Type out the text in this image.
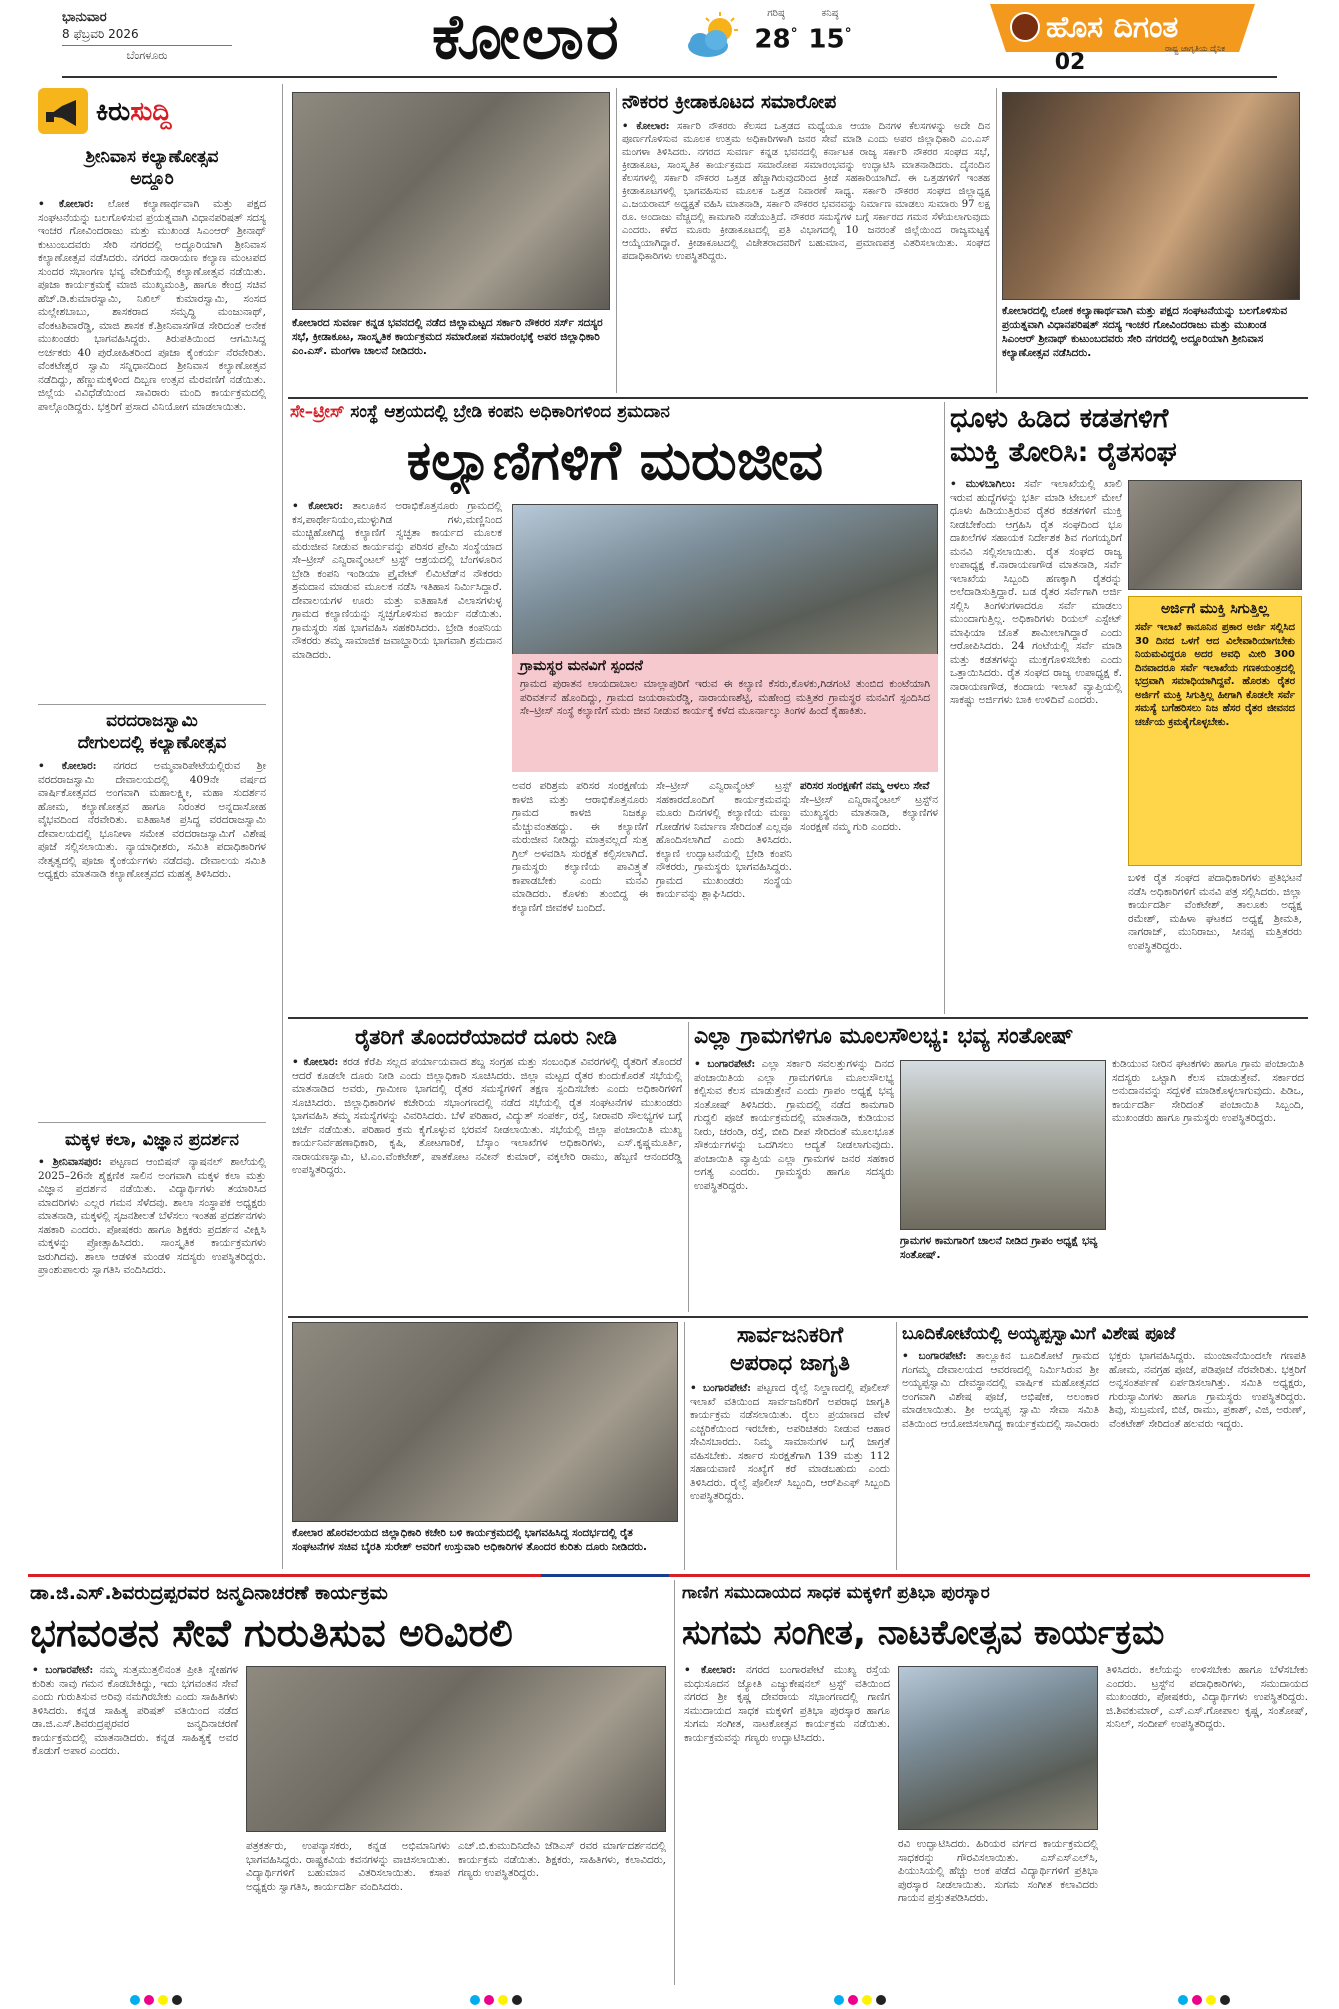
ಭಾನುವಾರ
8 ಫೆಬ್ರವರಿ 2026
ಬೆಂಗಳೂರು	ಕೋಲಾರ	ಗರಿಷ್ಠ
28°
ಕನಿಷ್ಠ
15°	ಹೊಸ ದಿಗಂತ
ರಾಷ್ಟ್ರ ಜಾಗೃತಿಯ ದೈನಿಕ
02
ಕಿರುಸುದ್ದಿ
ಶ್ರೀನಿವಾಸ ಕಲ್ಯಾಣೋತ್ಸವ
ಅದ್ದೂರಿ
• ಕೋಲಾರ: ಲೋಕ ಕಲ್ಯಾಣಾರ್ಥವಾಗಿ ಮತ್ತು ಪಕ್ಷದ ಸಂಘಟನೆಯನ್ನು ಬಲಗೊಳಿಸುವ ಪ್ರಯತ್ನವಾಗಿ ವಿಧಾನಪರಿಷತ್ ಸದಸ್ಯ ಇಂಚರ ಗೋವಿಂದರಾಜು ಮತ್ತು ಮುಖಂಡ ಸಿಎಂಆರ್ ಶ್ರೀನಾಥ್ ಕುಟುಂಬದವರು ಸೇರಿ ನಗರದಲ್ಲಿ ಅದ್ದೂರಿಯಾಗಿ ಶ್ರೀನಿವಾಸ ಕಲ್ಯಾಣೋತ್ಸವ ನಡೆಸಿದರು. ನಗರದ ನಾರಾಯಣ ಕಲ್ಯಾಣ ಮಂಟಪದ ಸುಂದರ ಸಭಾಂಗಣ ಭವ್ಯ ವೇದಿಕೆಯಲ್ಲಿ ಕಲ್ಯಾಣೋತ್ಸವ ನಡೆಯಿತು. ಪೂಜಾ ಕಾರ್ಯಕ್ರಮಕ್ಕೆ ಮಾಜಿ ಮುಖ್ಯಮಂತ್ರಿ, ಹಾಗೂ ಕೇಂದ್ರ ಸಚಿವ ಹೆಚ್.ಡಿ.ಕುಮಾರಸ್ವಾಮಿ, ನಿಖಿಲ್ ಕುಮಾರಸ್ವಾಮಿ, ಸಂಸದ ಮಲ್ಲೇಶಬಾಬು, ಶಾಸಕರಾದ ಸಮೃದ್ಧಿ ಮಂಜುನಾಥ್, ವೆಂಕಟಶಿವಾರೆಡ್ಡಿ, ಮಾಜಿ ಶಾಸಕ ಕೆ.ಶ್ರೀನಿವಾಸಗೌಡ ಸೇರಿದಂತೆ ಅನೇಕ ಮುಖಂಡರು ಭಾಗವಹಿಸಿದ್ದರು. ತಿರುಪತಿಯಿಂದ ಆಗಮಿಸಿದ್ದ ಅರ್ಚಕರು 40 ಪುರೋಹಿತರಿಂದ ಪೂಜಾ ಕೈಂಕರ್ಯ ನೆರವೇರಿತು. ವೆಂಕಟೇಶ್ವರ ಸ್ವಾಮಿ ಸನ್ನಿಧಾನದಿಂದ ಶ್ರೀನಿವಾಸ ಕಲ್ಯಾಣೋತ್ಸವ ನಡೆದಿದ್ದು, ಹೆಣ್ಣುಮಕ್ಕಳಿಂದ ದಿಬ್ಬಣ ಉತ್ಸವ ಮೆರವಣಿಗೆ ನಡೆಯಿತು. ಜಿಲ್ಲೆಯ ವಿವಿಧೆಡೆಯಿಂದ ಸಾವಿರಾರು ಮಂದಿ ಕಾರ್ಯಕ್ರಮದಲ್ಲಿ ಪಾಲ್ಗೊಂಡಿದ್ದರು. ಭಕ್ತರಿಗೆ ಪ್ರಸಾದ ವಿನಿಯೋಗ ಮಾಡಲಾಯಿತು.
ವರದರಾಜಸ್ವಾಮಿ
ದೇಗುಲದಲ್ಲಿ ಕಲ್ಯಾಣೋತ್ಸವ
• ಕೋಲಾರ: ನಗರದ ಅಮ್ಮವಾರಿಪೇಟೆಯಲ್ಲಿರುವ ಶ್ರೀ ವರದರಾಜಸ್ವಾಮಿ ದೇವಾಲಯದಲ್ಲಿ 409ನೇ ವರ್ಷದ ವಾರ್ಷಿಕೋತ್ಸವದ ಅಂಗವಾಗಿ ಮಹಾಲಕ್ಷ್ಮೀ, ಮಹಾ ಸುದರ್ಶನ ಹೋಮ, ಕಲ್ಯಾಣೋತ್ಸವ ಹಾಗೂ ನಿರಂತರ ಅನ್ನದಾಸೋಹ ವೈಭವದಿಂದ ನೆರವೇರಿತು. ಐತಿಹಾಸಿಕ ಪ್ರಸಿದ್ಧ ವರದರಾಜಸ್ವಾಮಿ ದೇವಾಲಯದಲ್ಲಿ ಭೂನೀಳಾ ಸಮೇತ ವರದರಾಜಸ್ವಾಮಿಗೆ ವಿಶೇಷ ಪೂಜೆ ಸಲ್ಲಿಸಲಾಯಿತು. ನ್ಯಾಯಾಧೀಶರು, ಸಮಿತಿ ಪದಾಧಿಕಾರಿಗಳ ನೇತೃತ್ವದಲ್ಲಿ ಪೂಜಾ ಕೈಂಕರ್ಯಗಳು ನಡೆದವು. ದೇವಾಲಯ ಸಮಿತಿ ಅಧ್ಯಕ್ಷರು ಮಾತನಾಡಿ ಕಲ್ಯಾಣೋತ್ಸವದ ಮಹತ್ವ ತಿಳಿಸಿದರು.
ಮಕ್ಕಳ ಕಲಾ, ವಿಜ್ಞಾನ ಪ್ರದರ್ಶನ
• ಶ್ರೀನಿವಾಸಪುರ: ಪಟ್ಟಣದ ಆಂಬಿಷನ್ ನ್ಯಾಷನಲ್ ಶಾಲೆಯಲ್ಲಿ 2025–26ನೇ ಶೈಕ್ಷಣಿಕ ಸಾಲಿನ ಅಂಗವಾಗಿ ಮಕ್ಕಳ ಕಲಾ ಮತ್ತು ವಿಜ್ಞಾನ ಪ್ರದರ್ಶನ ನಡೆಯಿತು. ವಿದ್ಯಾರ್ಥಿಗಳು ತಯಾರಿಸಿದ ಮಾದರಿಗಳು ಎಲ್ಲರ ಗಮನ ಸೆಳೆದವು. ಶಾಲಾ ಸಂಸ್ಥಾಪಕ ಅಧ್ಯಕ್ಷರು ಮಾತನಾಡಿ, ಮಕ್ಕಳಲ್ಲಿ ಸೃಜನಶೀಲತೆ ಬೆಳೆಸಲು ಇಂತಹ ಪ್ರದರ್ಶನಗಳು ಸಹಕಾರಿ ಎಂದರು. ಪೋಷಕರು ಹಾಗೂ ಶಿಕ್ಷಕರು ಪ್ರದರ್ಶನ ವೀಕ್ಷಿಸಿ ಮಕ್ಕಳನ್ನು ಪ್ರೋತ್ಸಾಹಿಸಿದರು. ಸಾಂಸ್ಕೃತಿಕ ಕಾರ್ಯಕ್ರಮಗಳು ಜರುಗಿದವು. ಶಾಲಾ ಆಡಳಿತ ಮಂಡಳಿ ಸದಸ್ಯರು ಉಪಸ್ಥಿತರಿದ್ದರು. ಪ್ರಾಂಶುಪಾಲರು ಸ್ವಾಗತಿಸಿ ವಂದಿಸಿದರು.
ಕೋಲಾರದ ಸುವರ್ಣ ಕನ್ನಡ ಭವನದಲ್ಲಿ ನಡೆದ ಜಿಲ್ಲಾಮಟ್ಟದ ಸರ್ಕಾರಿ ನೌಕರರ ಸರ್ಸ್ ಸದಸ್ಯರ ಸಭೆ, ಕ್ರೀಡಾಕೂಟ, ಸಾಂಸ್ಕೃತಿಕ ಕಾರ್ಯಕ್ರಮದ ಸಮಾರೋಪ ಸಮಾರಂಭಕ್ಕೆ ಅಪರ ಜಿಲ್ಲಾಧಿಕಾರಿ ಎಂ.ಎಸ್. ಮಂಗಳಾ ಚಾಲನೆ ನೀಡಿದರು.
ನೌಕರರ ಕ್ರೀಡಾಕೂಟದ ಸಮಾರೋಪ
• ಕೋಲಾರ: ಸರ್ಕಾರಿ ನೌಕರರು ಕೆಲಸದ ಒತ್ತಡದ ಮಧ್ಯೆಯೂ ಆಯಾ ದಿನಗಳ ಕೆಲಸಗಳನ್ನು ಅದೇ ದಿನ ಪೂರ್ಣಗೊಳಿಸುವ ಮೂಲಕ ಉತ್ತಮ ಅಧಿಕಾರಿಗಳಾಗಿ ಜನರ ಸೇವೆ ಮಾಡಿ ಎಂದು ಅಪರ ಜಿಲ್ಲಾಧಿಕಾರಿ ಎಂ.ಎಸ್ ಮಂಗಳಾ ತಿಳಿಸಿದರು. ನಗರದ ಸುವರ್ಣ ಕನ್ನಡ ಭವನದಲ್ಲಿ ಕರ್ನಾಟಕ ರಾಜ್ಯ ಸರ್ಕಾರಿ ನೌಕರರ ಸಂಘದ ಸಭೆ, ಕ್ರೀಡಾಕೂಟ, ಸಾಂಸ್ಕೃತಿಕ ಕಾರ್ಯಕ್ರಮದ ಸಮಾರೋಪ ಸಮಾರಂಭವನ್ನು ಉದ್ಘಾಟಿಸಿ ಮಾತನಾಡಿದರು. ದೈನಂದಿನ ಕೆಲಸಗಳಲ್ಲಿ ಸರ್ಕಾರಿ ನೌಕರರ ಒತ್ತಡ ಹೆಚ್ಚಾಗಿರುವುದರಿಂದ ಕ್ರೀಡೆ ಸಹಕಾರಿಯಾಗಿದೆ. ಈ ಒತ್ತಡಗಳಿಗೆ ಇಂತಹ ಕ್ರೀಡಾಕೂಟಗಳಲ್ಲಿ ಭಾಗವಹಿಸುವ ಮೂಲಕ ಒತ್ತಡ ನಿವಾರಣೆ ಸಾಧ್ಯ. ಸರ್ಕಾರಿ ನೌಕರರ ಸಂಘದ ಜಿಲ್ಲಾಧ್ಯಕ್ಷ ಎ.ಜಯರಾಮ್ ಅಧ್ಯಕ್ಷತೆ ವಹಿಸಿ ಮಾತನಾಡಿ, ಸರ್ಕಾರಿ ನೌಕರರ ಭವನವನ್ನು ನಿರ್ಮಾಣ ಮಾಡಲು ಸುಮಾರು 97 ಲಕ್ಷ ರೂ. ಅಂದಾಜು ವೆಚ್ಚದಲ್ಲಿ ಕಾಮಗಾರಿ ನಡೆಯುತ್ತಿದೆ. ನೌಕರರ ಸಮಸ್ಯೆಗಳ ಬಗ್ಗೆ ಸರ್ಕಾರದ ಗಮನ ಸೆಳೆಯಲಾಗುವುದು ಎಂದರು. ಕಳೆದ ಮೂರು ಕ್ರೀಡಾಕೂಟದಲ್ಲಿ ಪ್ರತಿ ವಿಭಾಗದಲ್ಲಿ 10 ಜನರಂತೆ ಜಿಲ್ಲೆಯಿಂದ ರಾಜ್ಯಮಟ್ಟಕ್ಕೆ ಆಯ್ಕೆಯಾಗಿದ್ದಾರೆ. ಕ್ರೀಡಾಕೂಟದಲ್ಲಿ ವಿಜೇತರಾದವರಿಗೆ ಬಹುಮಾನ, ಪ್ರಮಾಣಪತ್ರ ವಿತರಿಸಲಾಯಿತು. ಸಂಘದ ಪದಾಧಿಕಾರಿಗಳು ಉಪಸ್ಥಿತರಿದ್ದರು.
ಕೋಲಾರದಲ್ಲಿ ಲೋಕ ಕಲ್ಯಾಣಾರ್ಥವಾಗಿ ಮತ್ತು ಪಕ್ಷದ ಸಂಘಟನೆಯನ್ನು ಬಲಗೊಳಿಸುವ ಪ್ರಯತ್ನವಾಗಿ ವಿಧಾನಪರಿಷತ್ ಸದಸ್ಯ ಇಂಚರ ಗೋವಿಂದರಾಜು ಮತ್ತು ಮುಖಂಡ ಸಿಎಂಆರ್ ಶ್ರೀನಾಥ್ ಕುಟುಂಬದವರು ಸೇರಿ ನಗರದಲ್ಲಿ ಅದ್ದೂರಿಯಾಗಿ ಶ್ರೀನಿವಾಸ ಕಲ್ಯಾಣೋತ್ಸವ ನಡೆಸಿದರು.
ಸೇ–ಟ್ರೀಸ್ ಸಂಸ್ಥೆ ಆಶ್ರಯದಲ್ಲಿ ಬ್ರೇಡಿ ಕಂಪನಿ ಅಧಿಕಾರಿಗಳಿಂದ ಶ್ರಮದಾನ
ಕಲ್ಯಾಣಿಗಳಿಗೆ ಮರುಜೀವ
• ಕೋಲಾರ: ತಾಲೂಕಿನ ಅರಾಭಿಕೊತ್ತನೂರು ಗ್ರಾಮದಲ್ಲಿ ಕಸ,ಪಾರ್ಥೇನಿಯಂ,ಮುಳ್ಳುಗಿಡ ಗಳು,ಮಣ್ಣಿನಿಂದ ಮುಚ್ಚಿಹೋಗಿದ್ದ ಕಲ್ಯಾಣಿಗೆ ಸ್ವಚ್ಛತಾ ಕಾರ್ಯದ ಮೂಲಕ ಮರುಜೀವ ನೀಡುವ ಕಾರ್ಯವನ್ನು ಪರಿಸರ ಪ್ರೇಮಿ ಸಂಸ್ಥೆಯಾದ ಸೇ–ಟ್ರೀಸ್ ಎನ್ವಿರಾನ್ಮೆಂಟಲ್ ಟ್ರಸ್ಟ್ ಆಶ್ರಯದಲ್ಲಿ ಬೆಂಗಳೂರಿನ ಬ್ರೇಡಿ ಕಂಪನಿ ಇಂಡಿಯಾ ಪ್ರೈವೇಟ್ ಲಿಮಿಟೆಡ್‌ನ ನೌಕರರು ಶ್ರಮದಾನ ಮಾಡುವ ಮೂಲಕ ನಡೆಸಿ ಇತಿಹಾಸ ನಿರ್ಮಿಸಿದ್ದಾರೆ. ದೇವಾಲಯಗಳ ಊರು ಮತ್ತು ಐತಿಹಾಸಿಕ ವಿಲಾಸಗಳುಳ್ಳ ಗ್ರಾಮದ ಕಲ್ಯಾಣಿಯನ್ನು ಸ್ವಚ್ಛಗೊಳಿಸುವ ಕಾರ್ಯ ನಡೆಯಿತು. ಗ್ರಾಮಸ್ಥರು ಸಹ ಭಾಗವಹಿಸಿ ಸಹಕರಿಸಿದರು. ಬ್ರೇಡಿ ಕಂಪನಿಯ ನೌಕರರು ತಮ್ಮ ಸಾಮಾಜಿಕ ಜವಾಬ್ದಾರಿಯ ಭಾಗವಾಗಿ ಶ್ರಮದಾನ ಮಾಡಿದರು.
ಗ್ರಾಮಸ್ಥರ ಮನವಿಗೆ ಸ್ಪಂದನೆ
ಗ್ರಾಮದ ಪುರಾತನ ಲಾಯದಾಬಾಲ ಮಾಲ್ಲಾಪುರಿಗೆ ಇರುವ ಈ ಕಲ್ಯಾಣಿ ಕೆಸರು,ಕೊಳಕು,ಗಿಡಗಂಟಿ ತುಂಬಿದ ಕುಂಟೆಯಾಗಿ ಪರಿವರ್ತನೆ ಹೊಂದಿದ್ದು, ಗ್ರಾಮದ ಜಯರಾಮರೆಡ್ಡಿ, ನಾರಾಯಣಶೆಟ್ಟಿ, ಮಹೇಂದ್ರ ಮತ್ತಿತರ ಗ್ರಾಮಸ್ಥರ ಮನವಿಗೆ ಸ್ಪಂದಿಸಿದ ಸೇ–ಟ್ರೀಸ್ ಸಂಸ್ಥೆ ಕಲ್ಯಾಣಿಗೆ ಮರು ಜೀವ ನೀಡುವ ಕಾರ್ಯಕ್ಕೆ ಕಳೆದ ಮೂರ್ನಾಲ್ಕು ತಿಂಗಳ ಹಿಂದೆ ಕೈಹಾಕಿತು.
ಅವರ ಪರಿಶ್ರಮ ಪರಿಸರ ಸಂರಕ್ಷಣೆಯ ಕಾಳಜಿ ಮತ್ತು ಆರಾಭಿಕೊತ್ತನೂರು ಗ್ರಾಮದ ಕಾಳಜಿ ನಿಜಕ್ಕೂ ಮೆಚ್ಚುವಂತಹದ್ದು. ಈ ಕಲ್ಯಾಣಿಗೆ ಮರುಜೀವ ನೀಡಿದ್ದು ಮಾತ್ರವಲ್ಲದೆ ಸುತ್ತ ಗ್ರಿಲ್ ಅಳವಡಿಸಿ ಸುರಕ್ಷತೆ ಕಲ್ಪಿಸಲಾಗಿದೆ. ಗ್ರಾಮಸ್ಥರು ಕಲ್ಯಾಣಿಯ ಪಾವಿತ್ರ್ಯತೆ ಕಾಪಾಡಬೇಕು ಎಂದು ಮನವಿ ಮಾಡಿದರು. ಕೊಳಕು ತುಂಬಿದ್ದ ಈ ಕಲ್ಯಾಣಿಗೆ ಜೀವಕಳೆ ಬಂದಿದೆ.
ಸೇ–ಟ್ರೀಸ್ ಎನ್ವಿರಾನ್ಮೆಂಟ್ ಟ್ರಸ್ಟ್ ಸಹಕಾರದೊಂದಿಗೆ ಕಾರ್ಯಕ್ರಮವನ್ನು ಮೂರು ದಿನಗಳಲ್ಲಿ ಕಲ್ಯಾಣಿಯ ಮಣ್ಣು ಗೋಡೆಗಳ ನಿರ್ಮಾಣ ಸೇರಿದಂತೆ ಎಲ್ಲವೂ ಹೊಂದಿಸಲಾಗಿದೆ ಎಂದು ತಿಳಿಸಿದರು. ಕಲ್ಯಾಣಿ ಉದ್ಘಾಟನೆಯಲ್ಲಿ ಬ್ರೇಡಿ ಕಂಪನಿ ನೌಕರರು, ಗ್ರಾಮಸ್ಥರು ಭಾಗವಹಿಸಿದ್ದರು. ಗ್ರಾಮದ ಮುಖಂಡರು ಸಂಸ್ಥೆಯ ಕಾರ್ಯವನ್ನು ಶ್ಲಾಘಿಸಿದರು.
ಪರಿಸರ ಸಂರಕ್ಷಣೆಗೆ ನಮ್ಮ ಆಳಲು ಸೇವೆ
ಸೇ–ಟ್ರೀಸ್ ಎನ್ವಿರಾನ್ಮೆಂಟಲ್ ಟ್ರಸ್ಟ್‌ನ ಮುಖ್ಯಸ್ಥರು ಮಾತನಾಡಿ, ಕಲ್ಯಾಣಿಗಳ ಸಂರಕ್ಷಣೆ ನಮ್ಮ ಗುರಿ ಎಂದರು.
ಧೂಳು ಹಿಡಿದ ಕಡತಗಳಿಗೆ
ಮುಕ್ತಿ ತೋರಿಸಿ: ರೈತಸಂಘ
• ಮುಳಬಾಗಿಲು: ಸರ್ವೆ ಇಲಾಖೆಯಲ್ಲಿ ಖಾಲಿ ಇರುವ ಹುದ್ದೆಗಳನ್ನು ಭರ್ತಿ ಮಾಡಿ ಟೇಬಲ್ ಮೇಲೆ ಧೂಳು ಹಿಡಿಯುತ್ತಿರುವ ರೈತರ ಕಡತಗಳಿಗೆ ಮುಕ್ತಿ ನೀಡಬೇಕೆಂದು ಆಗ್ರಹಿಸಿ ರೈತ ಸಂಘದಿಂದ ಭೂ ದಾಖಲೆಗಳ ಸಹಾಯಕ ನಿರ್ದೇಶಕ ಶಿವ ಗಂಗಯ್ಯರಿಗೆ ಮನವಿ ಸಲ್ಲಿಸಲಾಯಿತು. ರೈತ ಸಂಘದ ರಾಜ್ಯ ಉಪಾಧ್ಯಕ್ಷ ಕೆ.ನಾರಾಯಣಗೌಡ ಮಾತನಾಡಿ, ಸರ್ವೆ ಇಲಾಖೆಯ ಸಿಬ್ಬಂದಿ ಹಣಕ್ಕಾಗಿ ರೈತರನ್ನು ಅಲೆದಾಡಿಸುತ್ತಿದ್ದಾರೆ. ಬಡ ರೈತರ ಸರ್ವೆಗಾಗಿ ಅರ್ಜಿ ಸಲ್ಲಿಸಿ ತಿಂಗಳುಗಳಾದರೂ ಸರ್ವೆ ಮಾಡಲು ಮುಂದಾಗುತ್ತಿಲ್ಲ. ಅಧಿಕಾರಿಗಳು ರಿಯಲ್ ಎಸ್ಟೇಟ್ ಮಾಫಿಯಾ ಜೊತೆ ಶಾಮೀಲಾಗಿದ್ದಾರೆ ಎಂದು ಆರೋಪಿಸಿದರು. 24 ಗಂಟೆಯಲ್ಲಿ ಸರ್ವೆ ಮಾಡಿ ಮತ್ತು ಕಡತಗಳನ್ನು ಮುಕ್ತಗೊಳಿಸಬೇಕು ಎಂದು ಒತ್ತಾಯಿಸಿದರು. ರೈತ ಸಂಘದ ರಾಜ್ಯ ಉಪಾಧ್ಯಕ್ಷ ಕೆ. ನಾರಾಯಣಗೌಡ, ಕಂದಾಯ ಇಲಾಖೆ ವ್ಯಾಪ್ತಿಯಲ್ಲಿ ಸಾಕಷ್ಟು ಅರ್ಜಿಗಳು ಬಾಕಿ ಉಳಿದಿವೆ ಎಂದರು.
ಅರ್ಜಿಗೆ ಮುಕ್ತಿ ಸಿಗುತ್ತಿಲ್ಲ
ಸರ್ವೆ ಇಲಾಖೆ ಕಾನೂನಿನ ಪ್ರಕಾರ ಅರ್ಜಿ ಸಲ್ಲಿಸಿದ 30 ದಿನದ ಒಳಗೆ ಆದ ವಿಲೇವಾರಿಯಾಗಬೇಕು ನಿಯಮವಿದ್ದರೂ ಅದರ ಅವಧಿ ಮೀರಿ 300 ದಿನವಾದರೂ ಸರ್ವೆ ಇಲಾಖೆಯ ಗಣಕಯಂತ್ರದಲ್ಲಿ ಭದ್ರವಾಗಿ ಸಮಾಧಿಯಾಗಿದ್ದವೆ. ಹೊರತು ರೈತರ ಅರ್ಜಿಗೆ ಮುಕ್ತಿ ಸಿಗುತ್ತಿಲ್ಲ ಹೀಗಾಗಿ ಕೊಡಲೇ ಸರ್ವೆ ಸಮಸ್ಯೆ ಬಗೆಹರಿಸಲು ನಿಜ ಹೆಸರ ರೈತರ ಜೀವನದ ಚರ್ಚೆಯ ಕ್ರಮಕೈಗೊಳ್ಳಬೇಕು.
ಬಳಿಕ ರೈತ ಸಂಘದ ಪದಾಧಿಕಾರಿಗಳು ಪ್ರತಿಭಟನೆ ನಡೆಸಿ ಅಧಿಕಾರಿಗಳಿಗೆ ಮನವಿ ಪತ್ರ ಸಲ್ಲಿಸಿದರು. ಜಿಲ್ಲಾ ಕಾರ್ಯದರ್ಶಿ ವೆಂಕಟೇಶ್, ತಾಲೂಕು ಅಧ್ಯಕ್ಷ ರಮೇಶ್, ಮಹಿಳಾ ಘಟಕದ ಅಧ್ಯಕ್ಷೆ ಶ್ರೀಮತಿ, ನಾಗರಾಜ್, ಮುನಿರಾಜು, ಸೀನಪ್ಪ ಮತ್ತಿತರರು ಉಪಸ್ಥಿತರಿದ್ದರು.
ರೈತರಿಗೆ ತೊಂದರೆಯಾದರೆ ದೂರು ನೀಡಿ
• ಕೋಲಾರ: ಕರಡ ಕೆರೆಪಿ ಸಲ್ಲದ ಪರ್ಯಾಯವಾದ ಶಬ್ದ ಸಂಗ್ರಹ ಮತ್ತು ಸಂಬಂಧಿತ ವಿವರಗಳಲ್ಲಿ ರೈತರಿಗೆ ತೊಂದರೆ ಆದರೆ ಕೂಡಲೇ ದೂರು ನೀಡಿ ಎಂದು ಜಿಲ್ಲಾಧಿಕಾರಿ ಸೂಚಿಸಿದರು. ಜಿಲ್ಲಾ ಮಟ್ಟದ ರೈತರ ಕುಂದುಕೊರತೆ ಸಭೆಯಲ್ಲಿ ಮಾತನಾಡಿದ ಅವರು, ಗ್ರಾಮೀಣ ಭಾಗದಲ್ಲಿ ರೈತರ ಸಮಸ್ಯೆಗಳಿಗೆ ತಕ್ಷಣ ಸ್ಪಂದಿಸಬೇಕು ಎಂದು ಅಧಿಕಾರಿಗಳಿಗೆ ಸೂಚಿಸಿದರು. ಜಿಲ್ಲಾಧಿಕಾರಿಗಳ ಕಚೇರಿಯ ಸಭಾಂಗಣದಲ್ಲಿ ನಡೆದ ಸಭೆಯಲ್ಲಿ ರೈತ ಸಂಘಟನೆಗಳ ಮುಖಂಡರು ಭಾಗವಹಿಸಿ ತಮ್ಮ ಸಮಸ್ಯೆಗಳನ್ನು ವಿವರಿಸಿದರು. ಬೆಳೆ ಪರಿಹಾರ, ವಿದ್ಯುತ್ ಸಂಪರ್ಕ, ರಸ್ತೆ, ನೀರಾವರಿ ಸೌಲಭ್ಯಗಳ ಬಗ್ಗೆ ಚರ್ಚೆ ನಡೆಯಿತು. ಪರಿಹಾರ ಕ್ರಮ ಕೈಗೊಳ್ಳುವ ಭರವಸೆ ನೀಡಲಾಯಿತು. ಸಭೆಯಲ್ಲಿ ಜಿಲ್ಲಾ ಪಂಚಾಯಿತಿ ಮುಖ್ಯ ಕಾರ್ಯನಿರ್ವಹಣಾಧಿಕಾರಿ, ಕೃಷಿ, ತೋಟಗಾರಿಕೆ, ಬೆಸ್ಕಾಂ ಇಲಾಖೆಗಳ ಅಧಿಕಾರಿಗಳು, ಎಸ್.ಕೃಷ್ಣಮೂರ್ತಿ, ನಾರಾಯಣಸ್ವಾಮಿ, ಟಿ.ಎಂ.ವೆಂಕಟೇಶ್, ಪಾತಕೋಟ ನವೀನ್ ಕುಮಾರ್, ವಕ್ಕಲೇರಿ ರಾಮು, ಹೆಬ್ಬಣಿ ಆನಂದರೆಡ್ಡಿ ಉಪಸ್ಥಿತರಿದ್ದರು.
ಎಲ್ಲಾ ಗ್ರಾಮಗಳಿಗೂ ಮೂಲಸೌಲಭ್ಯ: ಭವ್ಯ ಸಂತೋಷ್
• ಬಂಗಾರಪೇಟೆ: ಎಲ್ಲಾ ಸರ್ಕಾರಿ ಸವಲತ್ತುಗಳನ್ನು ದಿನದ ಪಂಚಾಯಿತಿಯ ಎಲ್ಲಾ ಗ್ರಾಮಗಳಿಗೂ ಮೂಲಸೌಲಭ್ಯ ಕಲ್ಪಿಸುವ ಕೆಲಸ ಮಾಡುತ್ತೇನೆ ಎಂದು ಗ್ರಾಪಂ ಅಧ್ಯಕ್ಷೆ ಭವ್ಯ ಸಂತೋಷ್ ತಿಳಿಸಿದರು. ಗ್ರಾಮದಲ್ಲಿ ನಡೆದ ಕಾಮಗಾರಿ ಗುದ್ದಲಿ ಪೂಜೆ ಕಾರ್ಯಕ್ರಮದಲ್ಲಿ ಮಾತನಾಡಿ, ಕುಡಿಯುವ ನೀರು, ಚರಂಡಿ, ರಸ್ತೆ, ಬೀದಿ ದೀಪ ಸೇರಿದಂತೆ ಮೂಲಭೂತ ಸೌಕರ್ಯಗಳನ್ನು ಒದಗಿಸಲು ಆದ್ಯತೆ ನೀಡಲಾಗುವುದು. ಪಂಚಾಯಿತಿ ವ್ಯಾಪ್ತಿಯ ಎಲ್ಲಾ ಗ್ರಾಮಗಳ ಜನರ ಸಹಕಾರ ಅಗತ್ಯ ಎಂದರು. ಗ್ರಾಮಸ್ಥರು ಹಾಗೂ ಸದಸ್ಯರು ಉಪಸ್ಥಿತರಿದ್ದರು.
ಗ್ರಾಮಗಳ ಕಾಮಗಾರಿಗೆ ಚಾಲನೆ ನೀಡಿದ ಗ್ರಾಪಂ ಅಧ್ಯಕ್ಷೆ ಭವ್ಯ ಸಂತೋಷ್.
ಕುಡಿಯುವ ನೀರಿನ ಘಟಕಗಳು ಹಾಗೂ ಗ್ರಾಮ ಪಂಚಾಯಿತಿ ಸದಸ್ಯರು ಒಟ್ಟಾಗಿ ಕೆಲಸ ಮಾಡುತ್ತೇವೆ. ಸರ್ಕಾರದ ಅನುದಾನವನ್ನು ಸದ್ಬಳಕೆ ಮಾಡಿಕೊಳ್ಳಲಾಗುವುದು. ಪಿಡಿಒ, ಕಾರ್ಯದರ್ಶಿ ಸೇರಿದಂತೆ ಪಂಚಾಯಿತಿ ಸಿಬ್ಬಂದಿ, ಮುಖಂಡರು ಹಾಗೂ ಗ್ರಾಮಸ್ಥರು ಉಪಸ್ಥಿತರಿದ್ದರು.
ಕೋಲಾರ ಹೊರವಲಯದ ಜಿಲ್ಲಾಧಿಕಾರಿ ಕಚೇರಿ ಬಳಿ ಕಾರ್ಯಕ್ರಮದಲ್ಲಿ ಭಾಗವಹಿಸಿದ್ದ ಸಂದರ್ಭದಲ್ಲಿ ರೈತ ಸಂಘಟನೆಗಳ ಸಚಿವ ಬೈರತಿ ಸುರೇಶ್ ಅವರಿಗೆ ಉಸ್ತುವಾರಿ ಅಧಿಕಾರಿಗಳ ತೊಂದರ ಕುರಿತು ದೂರು ನೀಡಿದರು.
ಸಾರ್ವಜನಿಕರಿಗೆ
ಅಪರಾಧ ಜಾಗೃತಿ
• ಬಂಗಾರಪೇಟೆ: ಪಟ್ಟಣದ ರೈಲ್ವೆ ನಿಲ್ದಾಣದಲ್ಲಿ ಪೊಲೀಸ್ ಇಲಾಖೆ ವತಿಯಿಂದ ಸಾರ್ವಜನಿಕರಿಗೆ ಅಪರಾಧ ಜಾಗೃತಿ ಕಾರ್ಯಕ್ರಮ ನಡೆಸಲಾಯಿತು. ರೈಲು ಪ್ರಯಾಣದ ವೇಳೆ ಎಚ್ಚರಿಕೆಯಿಂದ ಇರಬೇಕು, ಅಪರಿಚಿತರು ನೀಡುವ ಆಹಾರ ಸೇವಿಸಬಾರದು. ನಿಮ್ಮ ಸಾಮಾನುಗಳ ಬಗ್ಗೆ ಜಾಗ್ರತೆ ವಹಿಸಬೇಕು. ಸರ್ಕಾರ ಸುರಕ್ಷತೆಗಾಗಿ 139 ಮತ್ತು 112 ಸಹಾಯವಾಣಿ ಸಂಖ್ಯೆಗೆ ಕರೆ ಮಾಡಬಹುದು ಎಂದು ತಿಳಿಸಿದರು. ರೈಲ್ವೆ ಪೊಲೀಸ್ ಸಿಬ್ಬಂದಿ, ಆರ್‌ಪಿಎಫ್ ಸಿಬ್ಬಂದಿ ಉಪಸ್ಥಿತರಿದ್ದರು.
ಬೂದಿಕೋಟೆಯಲ್ಲಿ ಅಯ್ಯಪ್ಪಸ್ವಾಮಿಗೆ ವಿಶೇಷ ಪೂಜೆ
• ಬಂಗಾರಪೇಟೆ: ತಾಲ್ಲೂಕಿನ ಬೂದಿಕೋಟೆ ಗ್ರಾಮದ ಗಂಗಮ್ಮ ದೇವಾಲಯದ ಆವರಣದಲ್ಲಿ ನಿರ್ಮಿಸಿರುವ ಶ್ರೀ ಅಯ್ಯಪ್ಪಸ್ವಾಮಿ ದೇವಸ್ಥಾನದಲ್ಲಿ ವಾರ್ಷಿಕ ಮಹೋತ್ಸವದ ಅಂಗವಾಗಿ ವಿಶೇಷ ಪೂಜೆ, ಅಭಿಷೇಕ, ಅಲಂಕಾರ ಮಾಡಲಾಯಿತು. ಶ್ರೀ ಅಯ್ಯಪ್ಪ ಸ್ವಾಮಿ ಸೇವಾ ಸಮಿತಿ ವತಿಯಿಂದ ಆಯೋಜಿಸಲಾಗಿದ್ದ ಕಾರ್ಯಕ್ರಮದಲ್ಲಿ ಸಾವಿರಾರು ಭಕ್ತರು ಭಾಗವಹಿಸಿದ್ದರು. ಮುಂಜಾನೆಯಿಂದಲೇ ಗಣಪತಿ ಹೋಮ, ನವಗ್ರಹ ಪೂಜೆ, ಪಡಿಪೂಜೆ ನೆರವೇರಿತು. ಭಕ್ತರಿಗೆ ಅನ್ನಸಂತರ್ಪಣೆ ಏರ್ಪಡಿಸಲಾಗಿತ್ತು. ಸಮಿತಿ ಅಧ್ಯಕ್ಷರು, ಗುರುಸ್ವಾಮಿಗಳು ಹಾಗೂ ಗ್ರಾಮಸ್ಥರು ಉಪಸ್ಥಿತರಿದ್ದರು. ಶಿವು, ಸುಬ್ರಮಣಿ, ಬಿಜೆ, ರಾಮು, ಪ್ರಕಾಶ್, ವಿಜಿ, ಅರುಣ್, ವೆಂಕಟೇಶ್ ಸೇರಿದಂತೆ ಹಲವರು ಇದ್ದರು.
ಡಾ.ಜಿ.ಎಸ್.ಶಿವರುದ್ರಪ್ಪರವರ ಜನ್ಮದಿನಾಚರಣೆ ಕಾರ್ಯಕ್ರಮ
ಭಗವಂತನ ಸೇವೆ ಗುರುತಿಸುವ ಅರಿವಿರಲಿ
• ಬಂಗಾರಪೇಟೆ: ನಮ್ಮ ಸುತ್ತಮುತ್ತಲಿನಂತ ಪ್ರೀತಿ ಸ್ನೇಹಗಳ ಕುರಿತು ನಾವು ಗಮನ ಕೊಡಬೇಕಿದ್ದು, ಇದು ಭಗವಂತನ ಸೇವೆ ಎಂದು ಗುರುತಿಸುವ ಅರಿವು ನಮಗಿರಬೇಕು ಎಂದು ಸಾಹಿತಿಗಳು ತಿಳಿಸಿದರು. ಕನ್ನಡ ಸಾಹಿತ್ಯ ಪರಿಷತ್ ವತಿಯಿಂದ ನಡೆದ ಡಾ.ಜಿ.ಎಸ್.ಶಿವರುದ್ರಪ್ಪರವರ ಜನ್ಮದಿನಾಚರಣೆ ಕಾರ್ಯಕ್ರಮದಲ್ಲಿ ಮಾತನಾಡಿದರು. ಕನ್ನಡ ಸಾಹಿತ್ಯಕ್ಕೆ ಅವರ ಕೊಡುಗೆ ಅಪಾರ ಎಂದರು.
ಪತ್ರಕರ್ತರು, ಉಪನ್ಯಾಸಕರು, ಕನ್ನಡ ಅಭಿಮಾನಿಗಳು ಭಾಗವಹಿಸಿದ್ದರು. ರಾಷ್ಟ್ರಕವಿಯ ಕವನಗಳನ್ನು ವಾಚಿಸಲಾಯಿತು. ವಿದ್ಯಾರ್ಥಿಗಳಿಗೆ ಬಹುಮಾನ ವಿತರಿಸಲಾಯಿತು. ಕಸಾಪ ಅಧ್ಯಕ್ಷರು ಸ್ವಾಗತಿಸಿ, ಕಾರ್ಯದರ್ಶಿ ವಂದಿಸಿದರು.
ಎಚ್.ಬಿ.ಕುಮುದಿನಿದೇವಿ ಜೆಡಿಎಸ್ ರವರ ಮಾರ್ಗದರ್ಶನದಲ್ಲಿ ಕಾರ್ಯಕ್ರಮ ನಡೆಯಿತು. ಶಿಕ್ಷಕರು, ಸಾಹಿತಿಗಳು, ಕಲಾವಿದರು, ಗಣ್ಯರು ಉಪಸ್ಥಿತರಿದ್ದರು.
ಗಾಣಿಗ ಸಮುದಾಯದ ಸಾಧಕ ಮಕ್ಕಳಿಗೆ ಪ್ರತಿಭಾ ಪುರಸ್ಕಾರ
ಸುಗಮ ಸಂಗೀತ, ನಾಟಕೋತ್ಸವ ಕಾರ್ಯಕ್ರಮ
• ಕೋಲಾರ: ನಗರದ ಬಂಗಾರಪೇಟೆ ಮುಖ್ಯ ರಸ್ತೆಯ ಮಧುಸೂದನ ಜ್ಯೋತಿ ಎಜ್ಯುಕೇಷನಲ್ ಟ್ರಸ್ಟ್ ವತಿಯಿಂದ ನಗರದ ಶ್ರೀ ಕೃಷ್ಣ ದೇವರಾಯ ಸಭಾಂಗಣದಲ್ಲಿ ಗಾಣಿಗ ಸಮುದಾಯದ ಸಾಧಕ ಮಕ್ಕಳಿಗೆ ಪ್ರತಿಭಾ ಪುರಸ್ಕಾರ ಹಾಗೂ ಸುಗಮ ಸಂಗೀತ, ನಾಟಕೋತ್ಸವ ಕಾರ್ಯಕ್ರಮ ನಡೆಯಿತು. ಕಾರ್ಯಕ್ರಮವನ್ನು ಗಣ್ಯರು ಉದ್ಘಾಟಿಸಿದರು.
ರವಿ ಉದ್ಘಾಟಿಸಿದರು. ಹಿರಿಯರ ವರ್ಗದ ಕಾರ್ಯಕ್ರಮದಲ್ಲಿ ಸಾಧಕರನ್ನು ಗೌರವಿಸಲಾಯಿತು. ಎಸ್‌ಎಸ್‌ಎಲ್‌ಸಿ, ಪಿಯುಸಿಯಲ್ಲಿ ಹೆಚ್ಚು ಅಂಕ ಪಡೆದ ವಿದ್ಯಾರ್ಥಿಗಳಿಗೆ ಪ್ರತಿಭಾ ಪುರಸ್ಕಾರ ನೀಡಲಾಯಿತು. ಸುಗಮ ಸಂಗೀತ ಕಲಾವಿದರು ಗಾಯನ ಪ್ರಸ್ತುತಪಡಿಸಿದರು.
ತಿಳಿಸಿದರು. ಕಲೆಯನ್ನು ಉಳಿಸಬೇಕು ಹಾಗೂ ಬೆಳೆಸಬೇಕು ಎಂದರು. ಟ್ರಸ್ಟ್‌ನ ಪದಾಧಿಕಾರಿಗಳು, ಸಮುದಾಯದ ಮುಖಂಡರು, ಪೋಷಕರು, ವಿದ್ಯಾರ್ಥಿಗಳು ಉಪಸ್ಥಿತರಿದ್ದರು. ಜಿ.ಶಿವಕುಮಾರ್, ಎಸ್.ಎಸ್.ಗೋಪಾಲ ಕೃಷ್ಣ, ಸಂತೋಷ್, ಸುನಿಲ್, ಸಂದೀಪ್ ಉಪಸ್ಥಿತರಿದ್ದರು.
